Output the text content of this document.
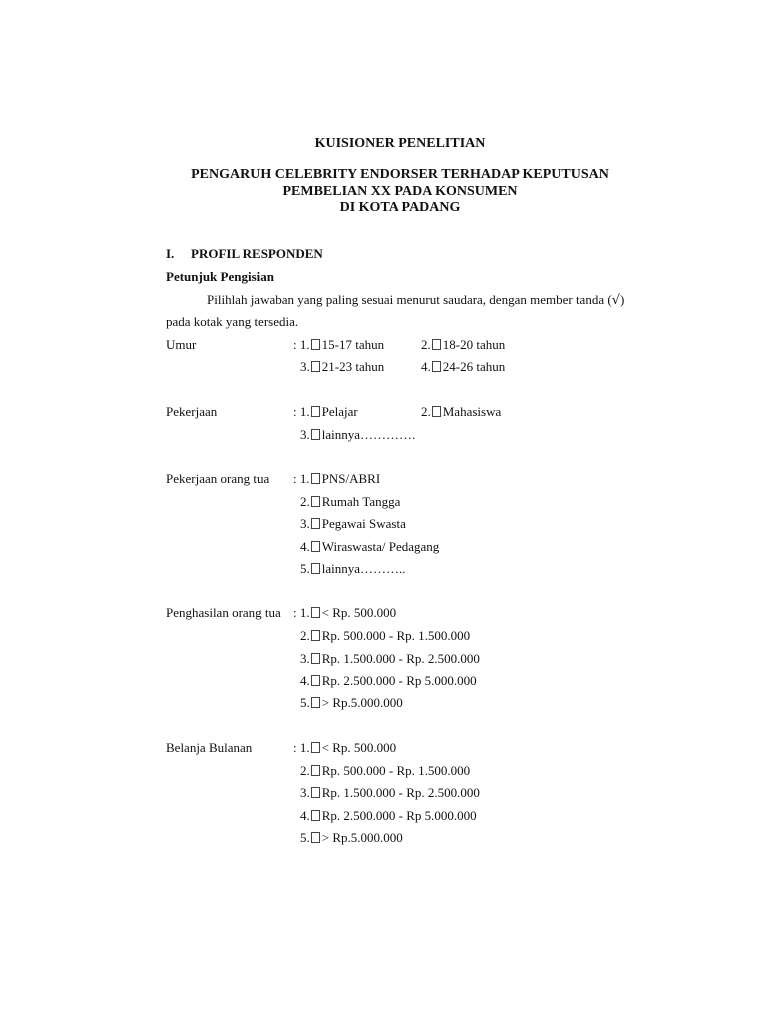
KUISIONER PENELITIAN
PENGARUH CELEBRITY ENDORSER TERHADAP KEPUTUSAN
PEMBELIAN XX PADA KONSUMEN
DI KOTA PADANG
I. PROFIL RESPONDEN
Petunjuk Pengisian
Pilihlah jawaban yang paling sesuai menurut saudara, dengan member tanda (√)
pada kotak yang tersedia.
Umur	: 1. 15-17 tahun	2. 18-20 tahun
3. 21-23 tahun	4. 24-26 tahun
Pekerjaan	: 1. Pelajar	2. Mahasiswa
3. lainnya………….
Pekerjaan orang tua : 1. PNS/ABRI
2. Rumah Tangga
3. Pegawai Swasta
4. Wiraswasta/ Pedagang
5. lainnya………..
Penghasilan orang tua : 1. < Rp. 500.000
2. Rp. 500.000 - Rp. 1.500.000
3. Rp. 1.500.000 - Rp. 2.500.000
4. Rp. 2.500.000 - Rp 5.000.000
5. > Rp.5.000.000
Belanja Bulanan	: 1. < Rp. 500.000
2. Rp. 500.000 - Rp. 1.500.000
3. Rp. 1.500.000 - Rp. 2.500.000
4. Rp. 2.500.000 - Rp 5.000.000
5. > Rp.5.000.000
